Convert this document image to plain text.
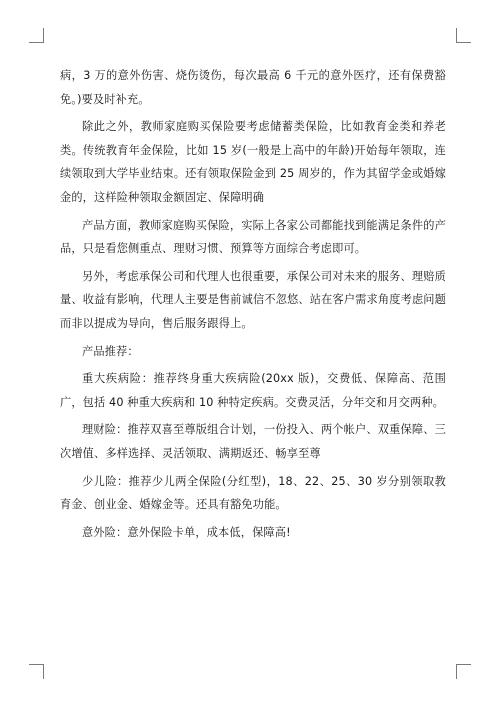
病，3 万的意外伤害、烧伤烫伤，每次最高 6 千元的意外医疗，还有保费豁免。)要及时补充。

除此之外，教师家庭购买保险要考虑储蓄类保险，比如教育金类和养老类。传统教育年金保险，比如 15 岁(一般是上高中的年龄)开始每年领取，连续领取到大学毕业结束。还有领取保险金到 25 周岁的，作为其留学金或婚嫁金的，这样险种领取金额固定、保障明确

产品方面，教师家庭购买保险，实际上各家公司都能找到能满足条件的产品，只是看您侧重点、理财习惯、预算等方面综合考虑即可。

另外，考虑承保公司和代理人也很重要，承保公司对未来的服务、理赔质量、收益有影响，代理人主要是售前诚信不忽悠、站在客户需求角度考虑问题而非以提成为导向，售后服务跟得上。

产品推荐：

重大疾病险：推荐终身重大疾病险(20xx 版)，交费低、保障高、范围广，包括 40 种重大疾病和 10 种特定疾病。交费灵活，分年交和月交两种。

理财险：推荐双喜至尊版组合计划，一份投入、两个帐户、双重保障、三次增值、多样选择、灵活领取、满期返还、畅享至尊

少儿险：推荐少儿两全保险(分红型)，18、22、25、30 岁分别领取教育金、创业金、婚嫁金等。还具有豁免功能。

意外险：意外保险卡单，成本低，保障高!
